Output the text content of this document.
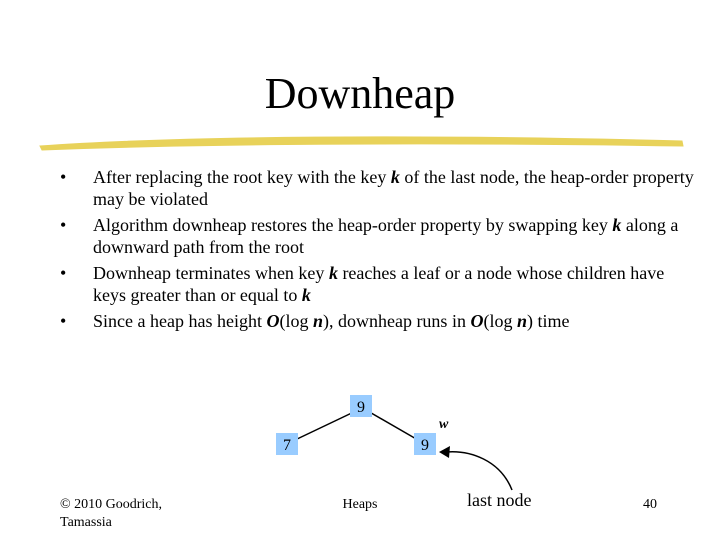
Downheap
• After replacing the root key with the key k of the last node, the heap-order property may be violated
• Algorithm downheap restores the heap-order property by swapping key k along a downward path from the root
• Downheap terminates when key k reaches a leaf or a node whose children have keys greater than or equal to k
• Since a heap has height O(log n), downheap runs in O(log n) time
9
7	9
w
last node
© 2010 Goodrich,
Tamassia
Heaps	40
